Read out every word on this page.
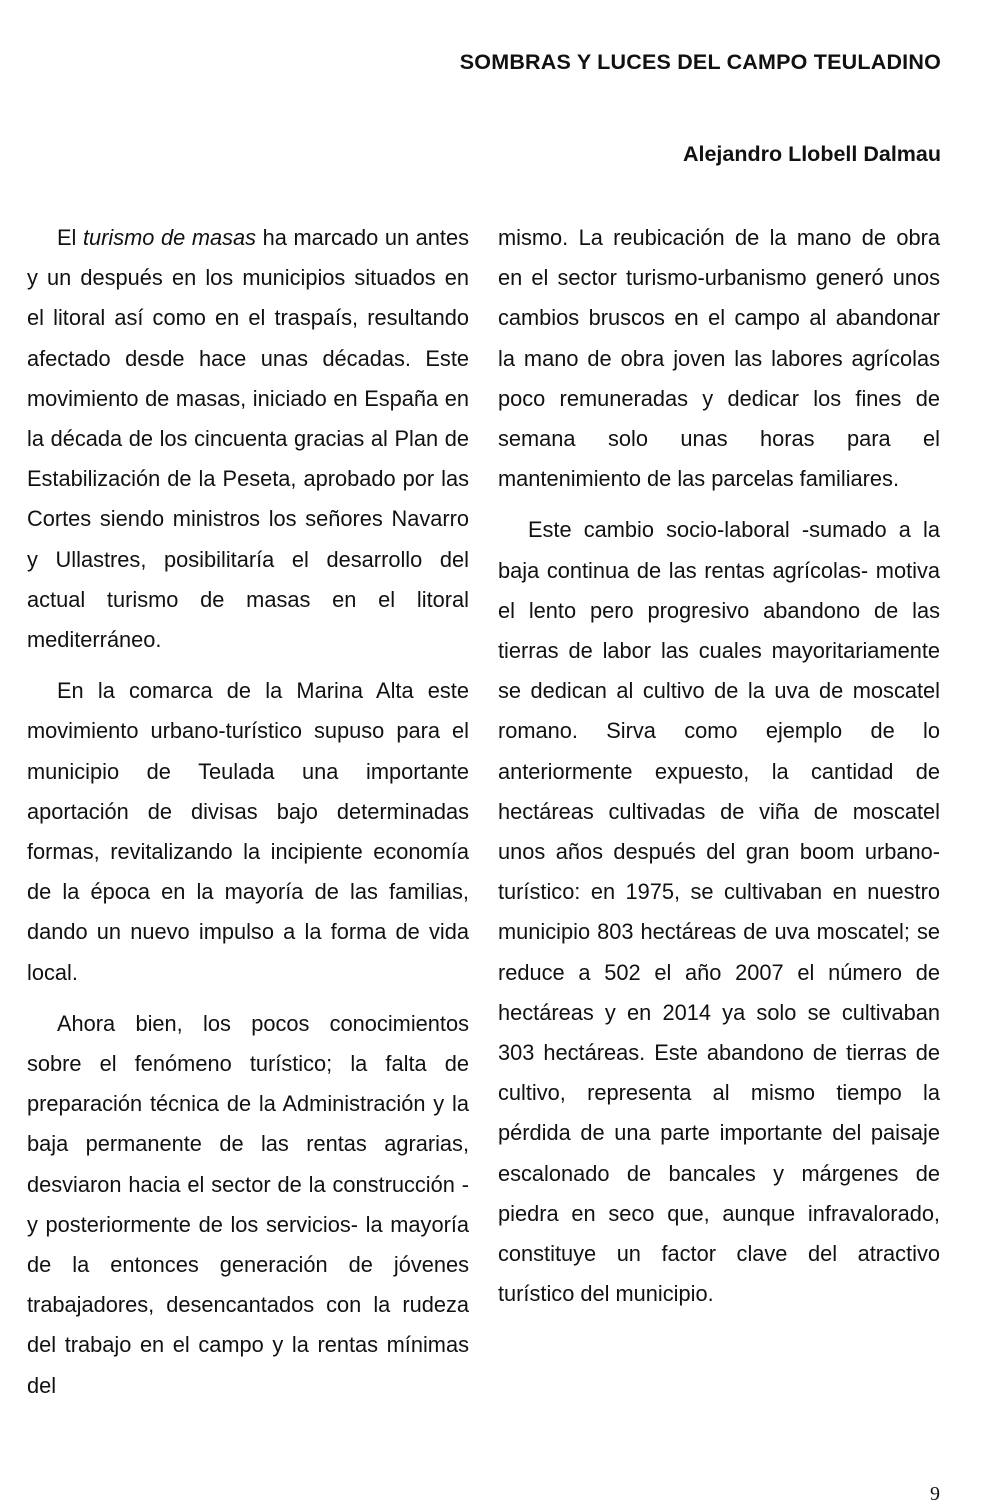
SOMBRAS Y LUCES DEL CAMPO TEULADINO
Alejandro Llobell Dalmau

El turismo de masas ha marcado un antes y un después en los municipios situados en el litoral así como en el traspaís, resultando afectado desde hace unas décadas. Este movimiento de masas, iniciado en España en la década de los cincuenta gracias al Plan de Estabilización de la Peseta, aprobado por las Cortes siendo ministros los señores Navarro y Ullastres, posibilitaría el desarrollo del actual turismo de masas en el litoral mediterráneo.

En la comarca de la Marina Alta este movimiento urbano-turístico supuso para el municipio de Teulada una importante aportación de divisas bajo determinadas formas, revitalizando la incipiente economía de la época en la mayoría de las familias, dando un nuevo impulso a la forma de vida local.

Ahora bien, los pocos conocimientos sobre el fenómeno turístico; la falta de preparación técnica de la Administración y la baja permanente de las rentas agrarias, desviaron hacia el sector de la construcción -y posteriormente de los servicios- la mayoría de la entonces generación de jóvenes trabajadores, desencantados con la rudeza del trabajo en el campo y la rentas mínimas del

mismo. La reubicación de la mano de obra en el sector turismo-urbanismo generó unos cambios bruscos en el campo al abandonar la mano de obra joven las labores agrícolas poco remuneradas y dedicar los fines de semana solo unas horas para el mantenimiento de las parcelas familiares.

Este cambio socio-laboral -sumado a la baja continua de las rentas agrícolas- motiva el lento pero progresivo abandono de las tierras de labor las cuales mayoritariamente se dedican al cultivo de la uva de moscatel romano. Sirva como ejemplo de lo anteriormente expuesto, la cantidad de hectáreas cultivadas de viña de moscatel unos años después del gran boom urbano-turístico: en 1975, se cultivaban en nuestro municipio 803 hectáreas de uva moscatel; se reduce a 502 el año 2007 el número de hectáreas y en 2014 ya solo se cultivaban 303 hectáreas. Este abandono de tierras de cultivo, representa al mismo tiempo la pérdida de una parte importante del paisaje escalonado de bancales y márgenes de piedra en seco que, aunque infravalorado, constituye un factor clave del atractivo turístico del municipio.

9
